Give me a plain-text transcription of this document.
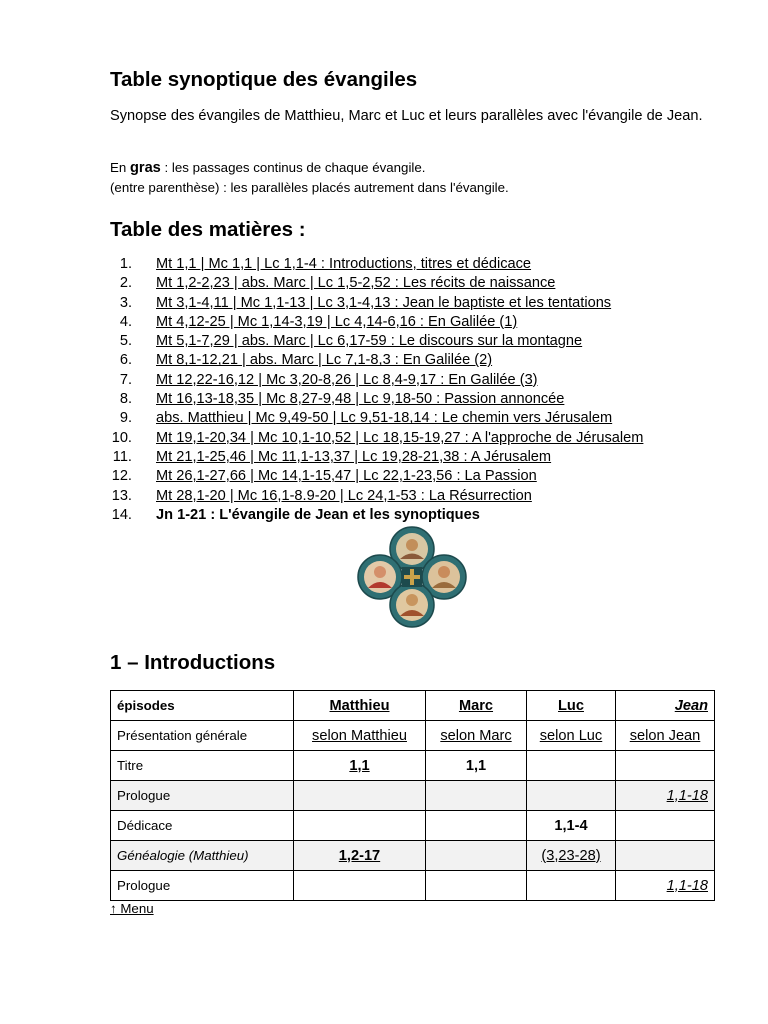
Table synoptique des évangiles

Synopse des évangiles de Matthieu, Marc et Luc et leurs parallèles avec l'évangile de Jean.

En gras : les passages continus de chaque évangile.
(entre parenthèse) : les parallèles placés autrement dans l'évangile.

Table des matières :
1. Mt 1,1 | Mc 1,1 | Lc 1,1-4 : Introductions, titres et dédicace
2. Mt 1,2-2,23 | abs. Marc | Lc 1,5-2,52 : Les récits de naissance
3. Mt 3,1-4,11 | Mc 1,1-13 | Lc 3,1-4,13 : Jean le baptiste et les tentations
4. Mt 4,12-25 | Mc 1,14-3,19 | Lc 4,14-6,16 : En Galilée (1)
5. Mt 5,1-7,29 | abs. Marc | Lc 6,17-59 : Le discours sur la montagne
6. Mt 8,1-12,21 | abs. Marc | Lc 7,1-8,3 : En Galilée (2)
7. Mt 12,22-16,12 | Mc 3,20-8,26 | Lc 8,4-9,17 : En Galilée (3)
8. Mt 16,13-18,35 | Mc 8,27-9,48 | Lc 9,18-50 : Passion annoncée
9. abs. Matthieu | Mc 9,49-50 | Lc 9,51-18,14 : Le chemin vers Jérusalem
10. Mt 19,1-20,34 | Mc 10,1-10,52 | Lc 18,15-19,27 : A l'approche de Jérusalem
11. Mt 21,1-25,46 | Mc 11,1-13,37 | Lc 19,28-21,38 : A Jérusalem
12. Mt 26,1-27,66 | Mc 14,1-15,47 | Lc 22,1-23,56 : La Passion
13. Mt 28,1-20 | Mc 16,1-8.9-20 | Lc 24,1-53 : La Résurrection
14. Jn 1-21 : L'évangile de Jean et les synoptiques
1 – Introductions
épisodes	Matthieu	Marc	Luc	Jean
Présentation générale	selon Matthieu	selon Marc	selon Luc	selon Jean
Titre	1,1	1,1		
Prologue				1,1-18
Dédicace			1,1-4	
Généalogie (Matthieu)	1,2-17		(3,23-28)	
Prologue				1,1-18
↑ Menu
